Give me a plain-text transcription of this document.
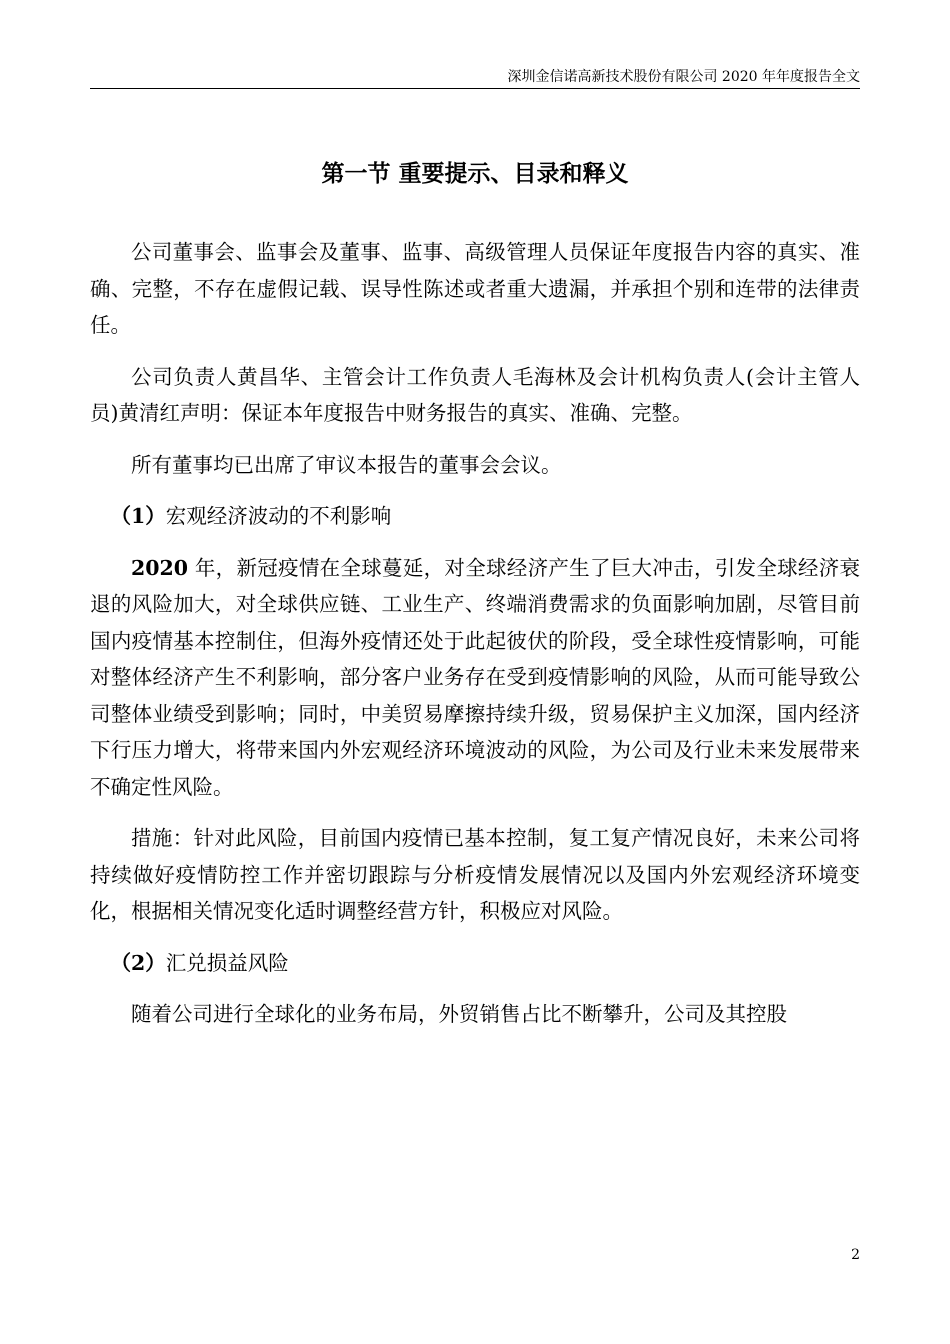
深圳金信诺高新技术股份有限公司 2020 年年度报告全文
第一节 重要提示、目录和释义

公司董事会、监事会及董事、监事、高级管理人员保证年度报告内容的真实、准确、完整，不存在虚假记载、误导性陈述或者重大遗漏，并承担个别和连带的法律责任。

公司负责人黄昌华、主管会计工作负责人毛海林及会计机构负责人(会计主管人员)黄清红声明：保证本年度报告中财务报告的真实、准确、完整。

所有董事均已出席了审议本报告的董事会会议。

（1）宏观经济波动的不利影响

2020 年，新冠疫情在全球蔓延，对全球经济产生了巨大冲击，引发全球经济衰退的风险加大，对全球供应链、工业生产、终端消费需求的负面影响加剧，尽管目前国内疫情基本控制住，但海外疫情还处于此起彼伏的阶段，受全球性疫情影响，可能对整体经济产生不利影响，部分客户业务存在受到疫情影响的风险，从而可能导致公司整体业绩受到影响；同时，中美贸易摩擦持续升级，贸易保护主义加深，国内经济下行压力增大，将带来国内外宏观经济环境波动的风险，为公司及行业未来发展带来不确定性风险。

措施：针对此风险，目前国内疫情已基本控制，复工复产情况良好，未来公司将持续做好疫情防控工作并密切跟踪与分析疫情发展情况以及国内外宏观经济环境变化，根据相关情况变化适时调整经营方针，积极应对风险。

（2）汇兑损益风险

随着公司进行全球化的业务布局，外贸销售占比不断攀升，公司及其控股

2
